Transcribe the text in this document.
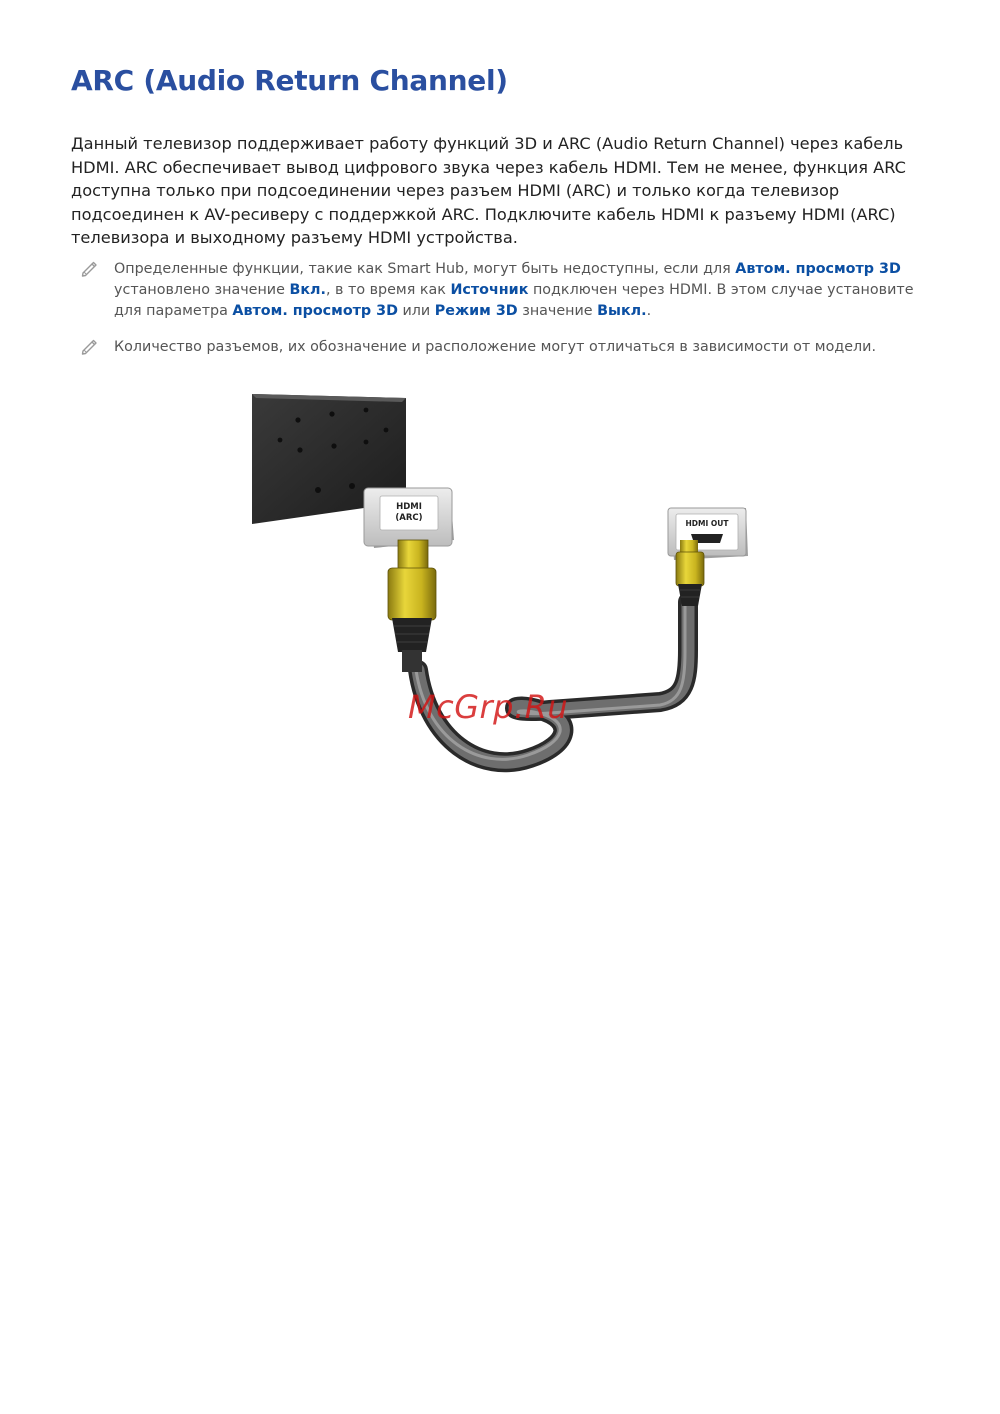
ARC (Audio Return Channel)

Данный телевизор поддерживает работу функций 3D и ARC (Audio Return Channel) через кабель HDMI. ARC обеспечивает вывод цифрового звука через кабель HDMI. Тем не менее, функция ARC доступна только при подсоединении через разъем HDMI (ARC) и только когда телевизор подсоединен к AV-ресиверу с поддержкой ARC. Подключите кабель HDMI к разъему HDMI (ARC) телевизора и выходному разъему HDMI устройства.

Определенные функции, такие как Smart Hub, могут быть недоступны, если для Автом. просмотр 3D установлено значение Вкл., в то время как Источник подключен через HDMI. В этом случае установите для параметра Автом. просмотр 3D или Режим 3D значение Выкл..
Количество разъемов, их обозначение и расположение могут отличаться в зависимости от модели.
HDMI
(ARC)
HDMI OUT
McGrp.Ru
